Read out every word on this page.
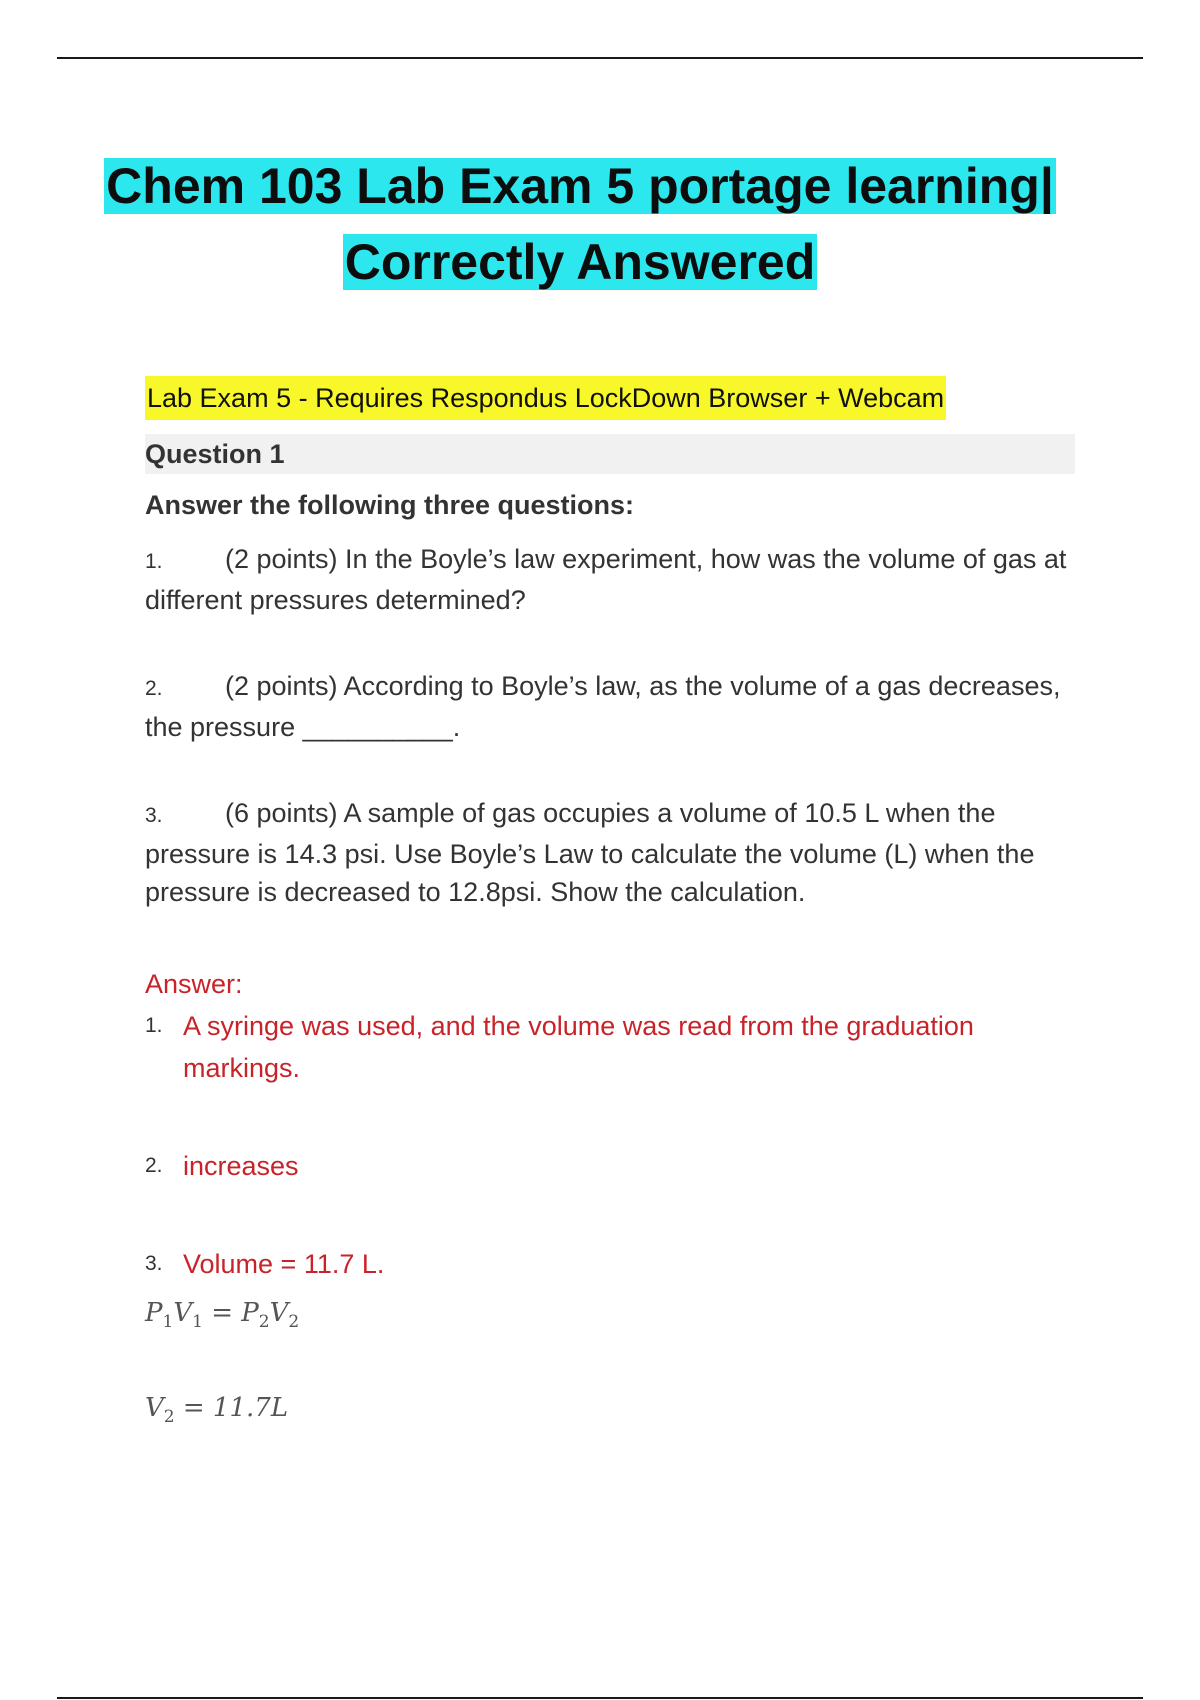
Chem 103 Lab Exam 5 portage learning|
Correctly Answered
Lab Exam 5 - Requires Respondus LockDown Browser + Webcam
Question 1
Answer the following three questions:
1. (2 points) In the Boyle’s law experiment, how was the volume of gas at different pressures determined?
2. (2 points) According to Boyle’s law, as the volume of a gas decreases, the pressure __________.
3. (6 points) A sample of gas occupies a volume of 10.5 L when the pressure is 14.3 psi. Use Boyle’s Law to calculate the volume (L) when the pressure is decreased to 12.8psi. Show the calculation.
Answer:
1. A syringe was used, and the volume was read from the graduation markings.
2. increases
3. Volume = 11.7 L.
$P_1V_1 = P_2V_2$
$V_2 = 11.7L$
